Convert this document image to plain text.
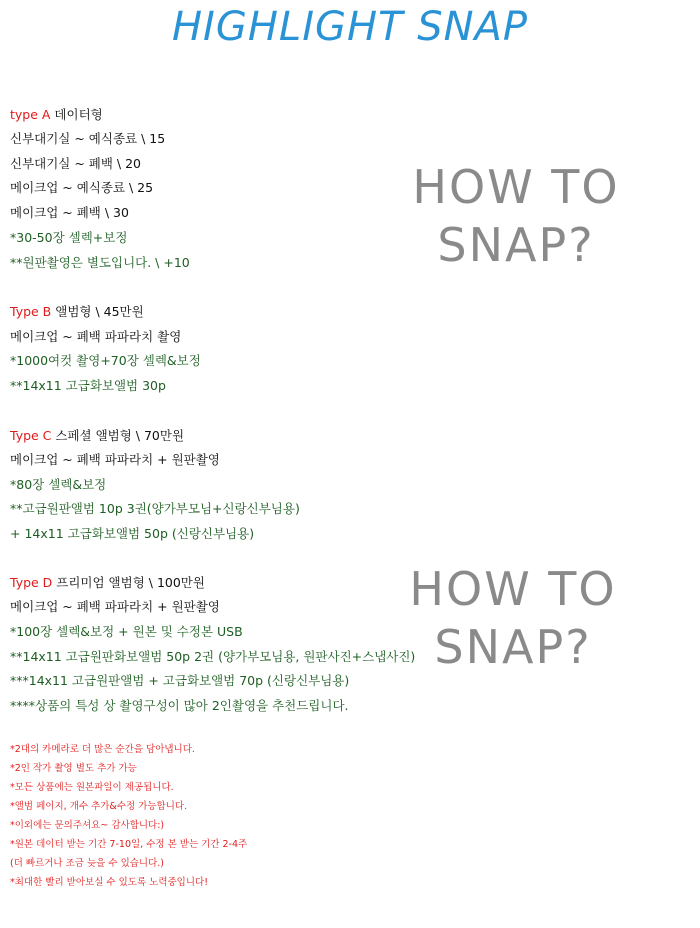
HIGHLIGHT SNAP
HOW TO
SNAP?
HOW TO
SNAP?
type A 데이터형
신부대기실 ~ 예식종료 \ 15
신부대기실 ~ 폐백 \ 20
메이크업 ~ 예식종료 \ 25
메이크업 ~ 폐백 \ 30
*30-50장 셀렉+보정
**원판촬영은 별도입니다. \ +10
Type B 앨범형 \ 45만원
메이크업 ~ 폐백 파파라치 촬영
*1000여컷 촬영+70장 셀렉&보정
**14x11 고급화보앨범 30p
Type C 스페셜 앨범형 \ 70만원
메이크업 ~ 폐백 파파라치 + 원판촬영
*80장 셀렉&보정
**고급원판앨범 10p 3권(양가부모님+신랑신부님용)
+ 14x11 고급화보앨범 50p (신랑신부님용)
Type D 프리미엄 앨범형 \ 100만원
메이크업 ~ 폐백 파파라치 + 원판촬영
*100장 셀렉&보정 + 원본 및 수정본 USB
**14x11 고급원판화보앨범 50p 2권 (양가부모님용, 원판사진+스냅사진)
***14x11 고급원판앨범 + 고급화보앨범 70p (신랑신부님용)
****상품의 특성 상 촬영구성이 많아 2인촬영을 추천드립니다.
*2대의 카메라로 더 많은 순간을 담아냅니다.
*2인 작가 촬영 별도 추가 가능
*모든 상품에는 원본파일이 제공됩니다.
*앨범 페이지, 개수 추가&수정 가능합니다.
*이외에는 문의주셔요~ 감사합니다:)
*원본 데이터 받는 기간 7-10일, 수정 본 받는 기간 2-4주
(더 빠르거나 조금 늦을 수 있습니다.)
*최대한 빨리 받아보실 수 있도록 노력중입니다!
